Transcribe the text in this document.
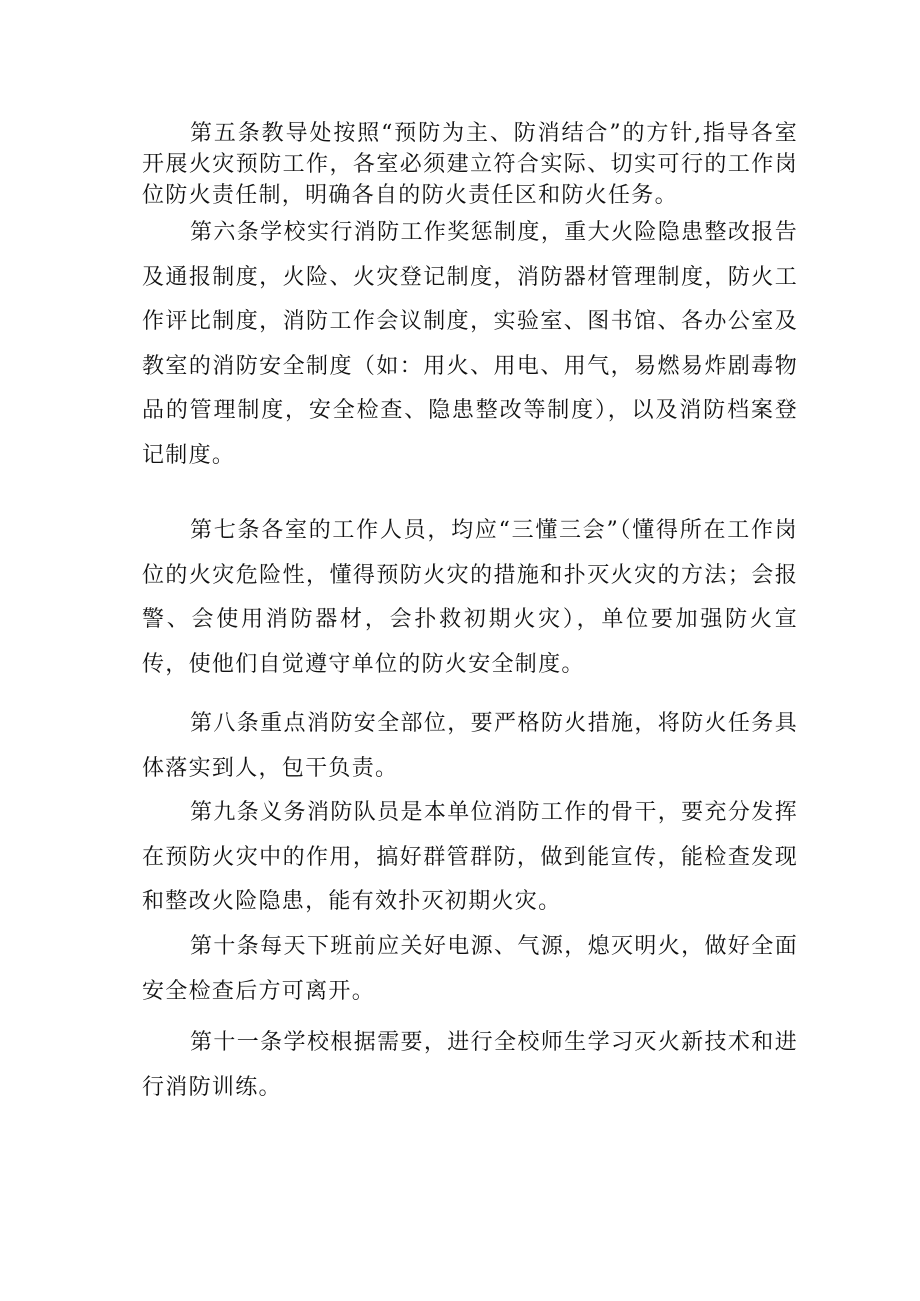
第五条教导处按照“预防为主、防消结合”的方针,指导各室开展火灾预防工作，各室必须建立符合实际、切实可行的工作岗位防火责任制，明确各自的防火责任区和防火任务。

第六条学校实行消防工作奖惩制度，重大火险隐患整改报告及通报制度，火险、火灾登记制度，消防器材管理制度，防火工作评比制度，消防工作会议制度，实验室、图书馆、各办公室及教室的消防安全制度（如：用火、用电、用气，易燃易炸剧毒物品的管理制度，安全检查、隐患整改等制度），以及消防档案登记制度。

第七条各室的工作人员，均应“三懂三会”（懂得所在工作岗位的火灾危险性，懂得预防火灾的措施和扑灭火灾的方法；会报警、会使用消防器材，会扑救初期火灾），单位要加强防火宣传，使他们自觉遵守单位的防火安全制度。

第八条重点消防安全部位，要严格防火措施，将防火任务具体落实到人，包干负责。

第九条义务消防队员是本单位消防工作的骨干，要充分发挥在预防火灾中的作用，搞好群管群防，做到能宣传，能检查发现和整改火险隐患，能有效扑灭初期火灾。

第十条每天下班前应关好电源、气源，熄灭明火，做好全面安全检查后方可离开。

第十一条学校根据需要，进行全校师生学习灭火新技术和进行消防训练。
